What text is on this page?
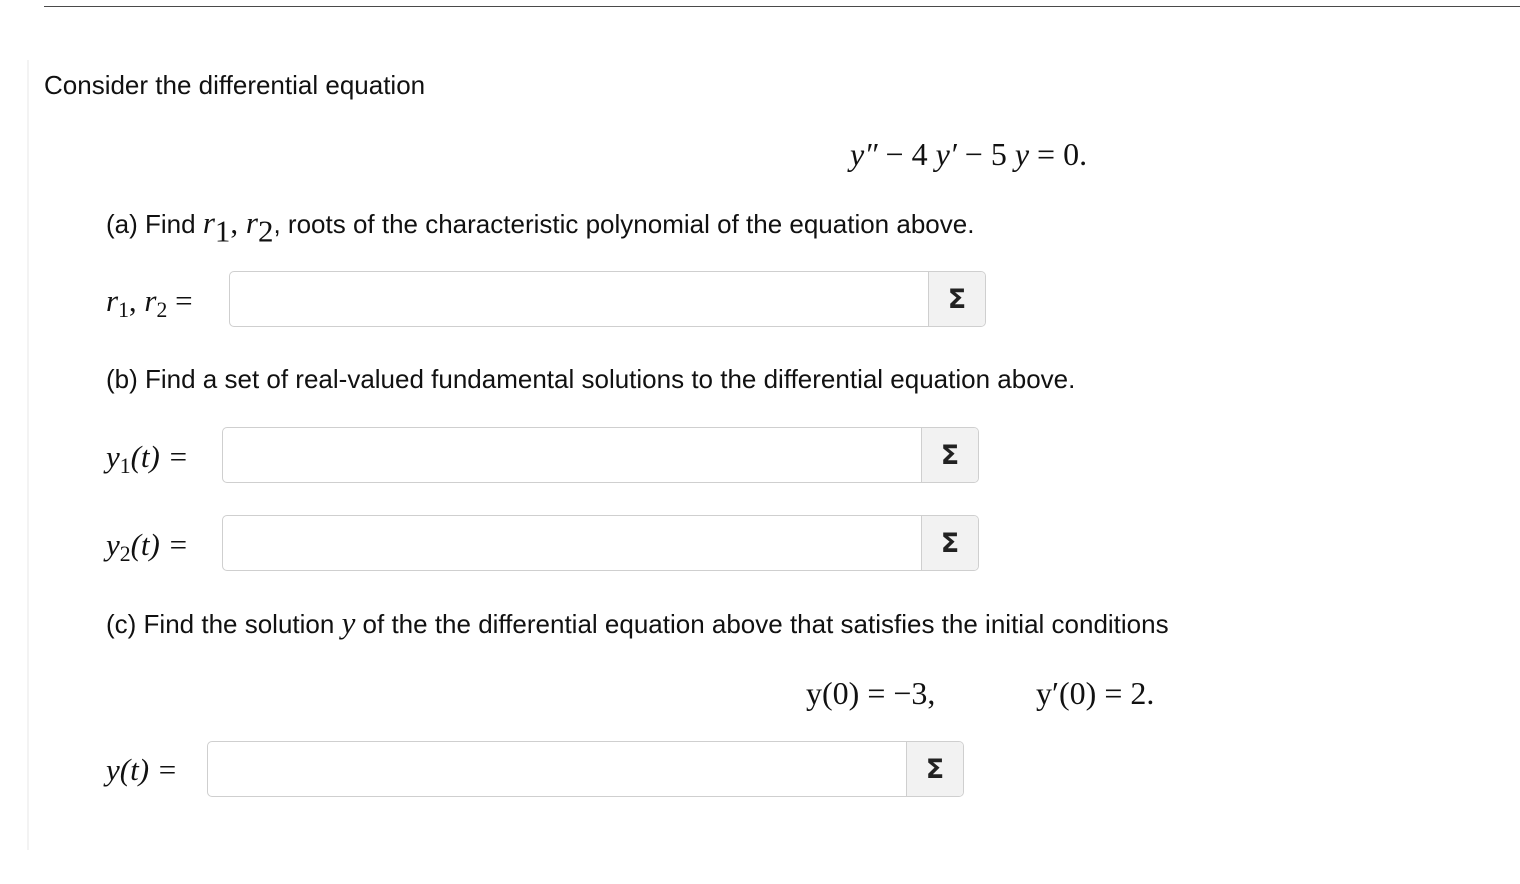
Consider the differential equation
y″ − 4 y′ − 5 y = 0.
(a) Find $r_1$, $r_2$, roots of the characteristic polynomial of the equation above.
$r_1$, $r_2$ =	Σ
(b) Find a set of real-valued fundamental solutions to the differential equation above.
$y_1(t)$ =	Σ
$y_2(t)$ =	Σ
(c) Find the solution y of the the differential equation above that satisfies the initial conditions
y(0) = −3,	y′(0) = 2.
y(t) =	Σ
